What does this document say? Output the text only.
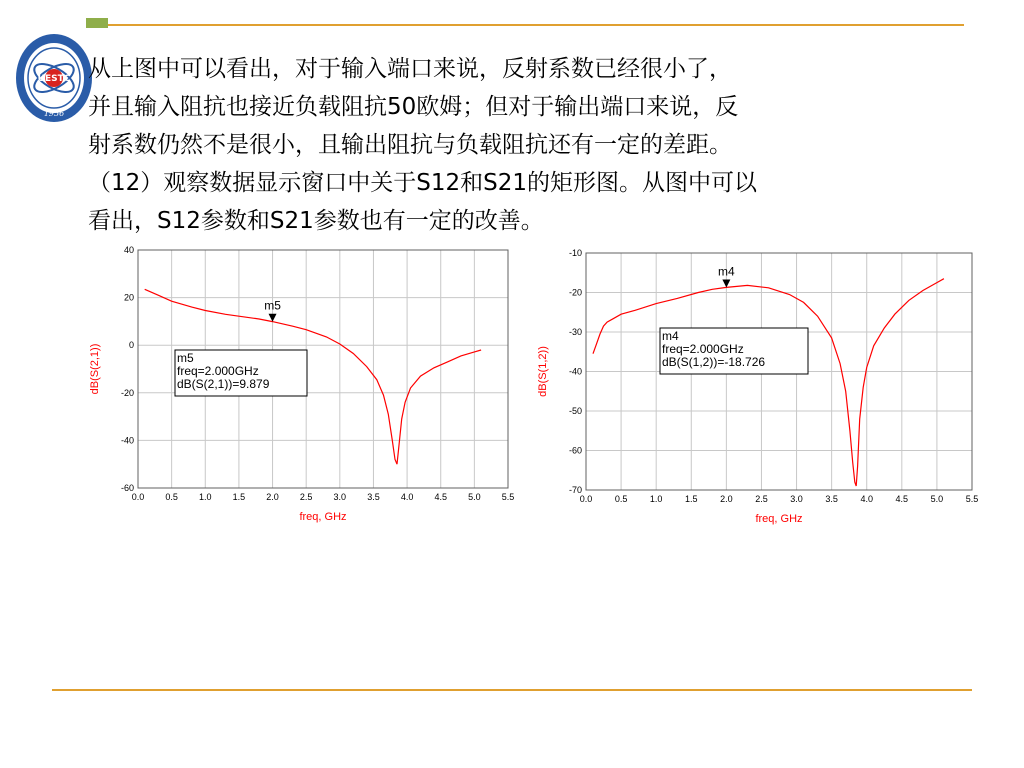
UESTC
1956
从上图中可以看出，对于输入端口来说，反射系数已经很小了，
并且输入阻抗也接近负载阻抗50欧姆；但对于输出端口来说，反
射系数仍然不是很小，且输出阻抗与负载阻抗还有一定的差距。
（12）观察数据显示窗口中关于S12和S21的矩形图。从图中可以
看出，S12参数和S21参数也有一定的改善。
0.0 0.5 1.0 1.5 2.0 2.5 3.0 3.5 4.0 4.5 5.0 5.5
-60
-40
-20
0
20
40
freq, GHz
dB(S(2,1))
m5
m5
freq=2.000GHz
dB(S(2,1))=9.879
0.0	0.5	1.0	1.5	2.0	2.5	3.0	3.5	4.0	4.5	5.0	5.5
-70
-60
-50
-40
-30
-20
-10
freq, GHz
dB(S(1,2))
m4
m4
freq=2.000GHz
dB(S(1,2))=-18.726
